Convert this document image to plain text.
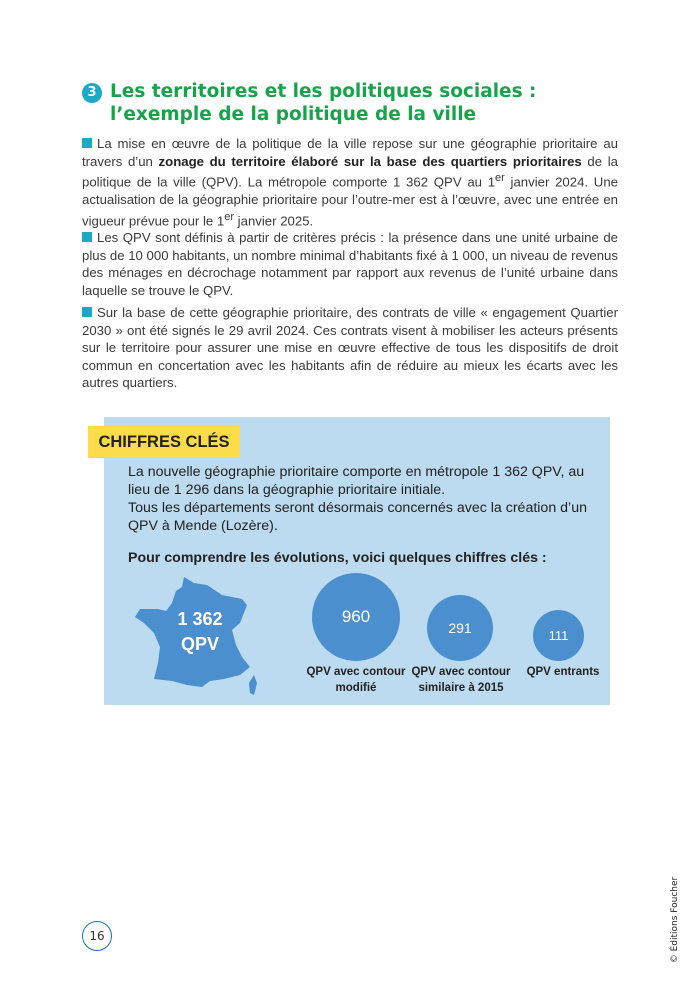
3 Les territoires et les politiques sociales : l’exemple de la politique de la ville
La mise en œuvre de la politique de la ville repose sur une géographie prioritaire au travers d’un zonage du territoire élaboré sur la base des quartiers prioritaires de la politique de la ville (QPV). La métropole comporte 1 362 QPV au 1er janvier 2024. Une actualisation de la géographie prioritaire pour l’outre-mer est à l’œuvre, avec une entrée en vigueur prévue pour le 1er janvier 2025.
Les QPV sont définis à partir de critères précis : la présence dans une unité urbaine de plus de 10 000 habitants, un nombre minimal d’habitants fixé à 1 000, un niveau de revenus des ménages en décrochage notamment par rapport aux revenus de l’unité urbaine dans laquelle se trouve le QPV.
Sur la base de cette géographie prioritaire, des contrats de ville « engagement Quartier 2030 » ont été signés le 29 avril 2024. Ces contrats visent à mobiliser les acteurs présents sur le territoire pour assurer une mise en œuvre effective de tous les dispositifs de droit commun en concertation avec les habitants afin de réduire au mieux les écarts avec les autres quartiers.
CHIFFRES CLÉS
La nouvelle géographie prioritaire comporte en métropole 1 362 QPV, au lieu de 1 296 dans la géographie prioritaire initiale.
Tous les départements seront désormais concernés avec la création d’un QPV à Mende (Lozère).
Pour comprendre les évolutions, voici quelques chiffres clés :
1 362
QPV
960
291	111
QPV avec contour modifié
QPV avec contour similaire à 2015
QPV entrants
16	© Éditions Foucher
